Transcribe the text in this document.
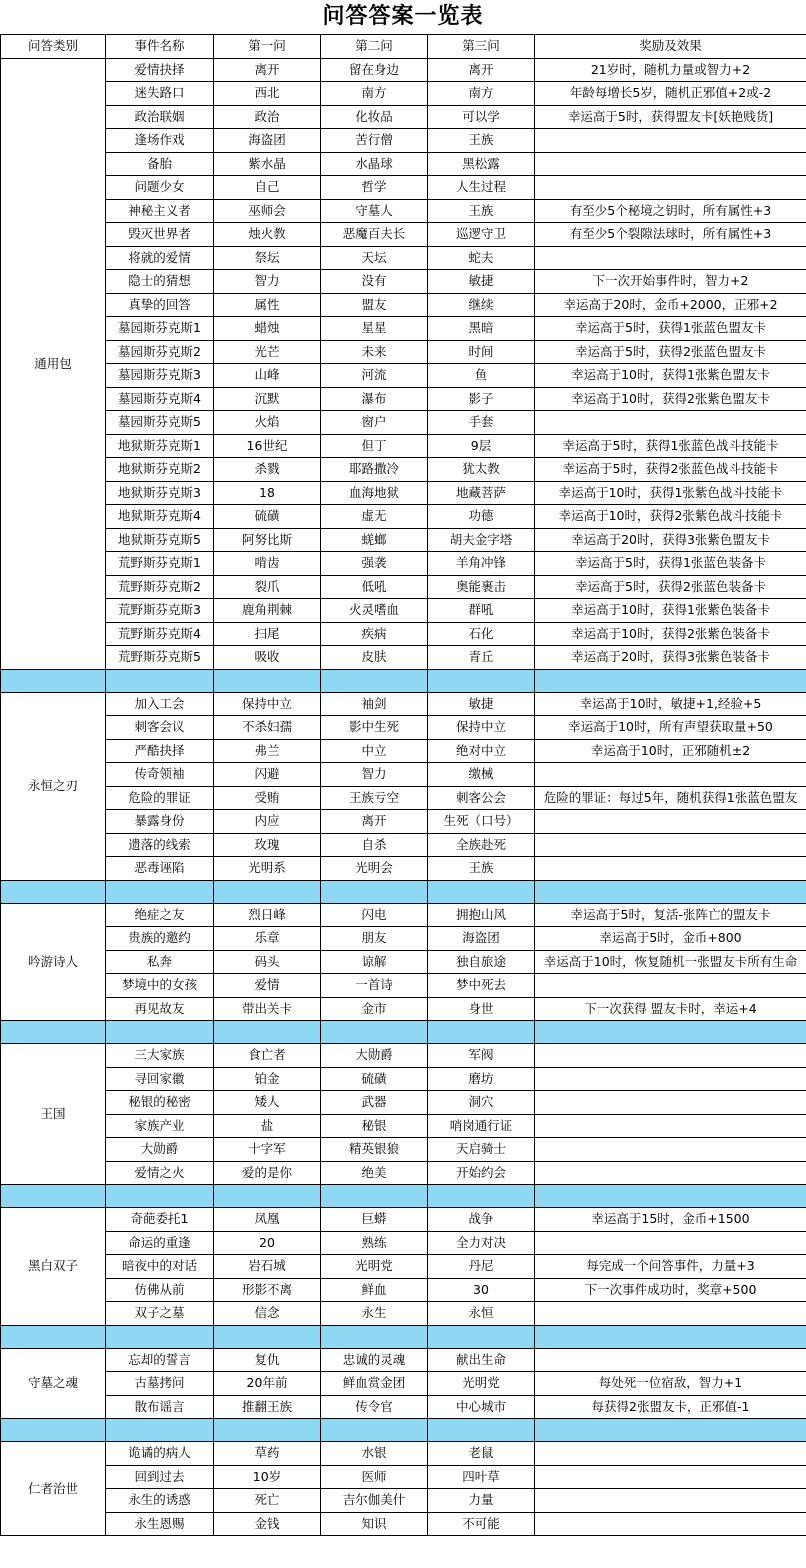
问答答案一览表
问答类别	事件名称	第一问	第二问	第三问	奖励及效果
通用包	爱情抉择	离开	留在身边	离开	21岁时，随机力量或智力+2
	迷失路口	西北	南方	南方	年龄每增长5岁，随机正邪值+2或-2
	政治联姻	政治	化妆品	可以学	幸运高于5时，获得盟友卡[妖艳贱货]
	逢场作戏	海盗团	苦行僧	王族	
	备胎	紫水晶	水晶球	黑松露	
	问题少女	自己	哲学	人生过程	
	神秘主义者	巫师会	守墓人	王族	有至少5个秘境之钥时，所有属性+3
	毁灭世界者	烛火教	恶魔百夫长	巡逻守卫	有至少5个裂隙法球时，所有属性+3
	将就的爱情	祭坛	天坛	蛇夫	
	隐士的猜想	智力	没有	敏捷	下一次开始事件时，智力+2
	真挚的回答	属性	盟友	继续	幸运高于20时，金币+2000，正邪+2
	墓园斯芬克斯1	蜡烛	星星	黑暗	幸运高于5时，获得1张蓝色盟友卡
	墓园斯芬克斯2	光芒	未来	时间	幸运高于5时，获得2张蓝色盟友卡
	墓园斯芬克斯3	山峰	河流	鱼	幸运高于10时，获得1张紫色盟友卡
	墓园斯芬克斯4	沉默	瀑布	影子	幸运高于10时，获得2张紫色盟友卡
	墓园斯芬克斯5	火焰	窗户	手套	
	地狱斯芬克斯1	16世纪	但丁	9层	幸运高于5时，获得1张蓝色战斗技能卡
	地狱斯芬克斯2	杀戮	耶路撒冷	犹太教	幸运高于5时，获得2张蓝色战斗技能卡
	地狱斯芬克斯3	18	血海地狱	地藏菩萨	幸运高于10时，获得1张紫色战斗技能卡
	地狱斯芬克斯4	硫磺	虚无	功德	幸运高于10时，获得2张紫色战斗技能卡
	地狱斯芬克斯5	阿努比斯	蜣螂	胡夫金字塔	幸运高于20时，获得3张紫色盟友卡
	荒野斯芬克斯1	啃齿	强袭	羊角冲锋	幸运高于5时，获得1张蓝色装备卡
	荒野斯芬克斯2	裂爪	低吼	奥能裹击	幸运高于5时，获得2张蓝色装备卡
	荒野斯芬克斯3	鹿角荆棘	火灵嗜血	群吼	幸运高于10时，获得1张紫色装备卡
	荒野斯芬克斯4	扫尾	疾病	石化	幸运高于10时，获得2张紫色装备卡
	荒野斯芬克斯5	吸收	皮肤	青丘	幸运高于20时，获得3张紫色装备卡

永恒之刃	加入工会	保持中立	袖剑	敏捷	幸运高于10时，敏捷+1,经验+5
	刺客会议	不杀妇孺	影中生死	保持中立	幸运高于10时，所有声望获取量+50
	严酷抉择	弗兰	中立	绝对中立	幸运高于10时，正邪随机±2
	传奇领袖	闪避	智力	缴械	
	危险的罪证	受贿	王族亏空	刺客公会	危险的罪证：每过5年，随机获得1张蓝色盟友
	暴露身份	内应	离开	生死（口号）	
	遗落的线索	玫瑰	自杀	全族赴死	
	恶毒诬陷	光明系	光明会	王族	

吟游诗人	绝症之友	烈日峰	闪电	拥抱山风	幸运高于5时，复活-张阵亡的盟友卡
	贵族的邀约	乐章	朋友	海盗团	幸运高于5时，金币+800
	私奔	码头	谅解	独自旅途	幸运高于10时，恢复随机一张盟友卡所有生命
	梦境中的女孩	爱情	一首诗	梦中死去	
	再见故友	带出关卡	金市	身世	下一次获得 盟友卡时，幸运+4

王国	三大家族	食亡者	大勋爵	军阀	
	寻回家徽	铂金	硫磺	磨坊	
	秘银的秘密	矮人	武器	洞穴	
	家族产业	盐	秘银	哨岗通行证	
	大勋爵	十字军	精英银狼	天启骑士	
	爱情之火	爱的是你	绝美	开始约会	

黑白双子	奇葩委托1	凤凰	巨蟒	战争	幸运高于15时，金币+1500
	命运的重逢	20	熟练	全力对决	
	暗夜中的对话	岩石城	光明党	丹尼	每完成一个问答事件，力量+3
	仿佛从前	形影不离	鲜血	30	下一次事件成功时，奖章+500
	双子之墓	信念	永生	永恒	

守墓之魂	忘却的誓言	复仇	忠诚的灵魂	献出生命	
	古墓拷问	20年前	鲜血赏金团	光明党	每处死一位宿敌，智力+1
	散布谣言	推翻王族	传令官	中心城市	每获得2张盟友卡，正邪值-1

仁者治世	诡谲的病人	草药	水银	老鼠	
	回到过去	10岁	医师	四叶草	
	永生的诱惑	死亡	吉尔伽美什	力量	
	永生恩赐	金钱	知识	不可能	
